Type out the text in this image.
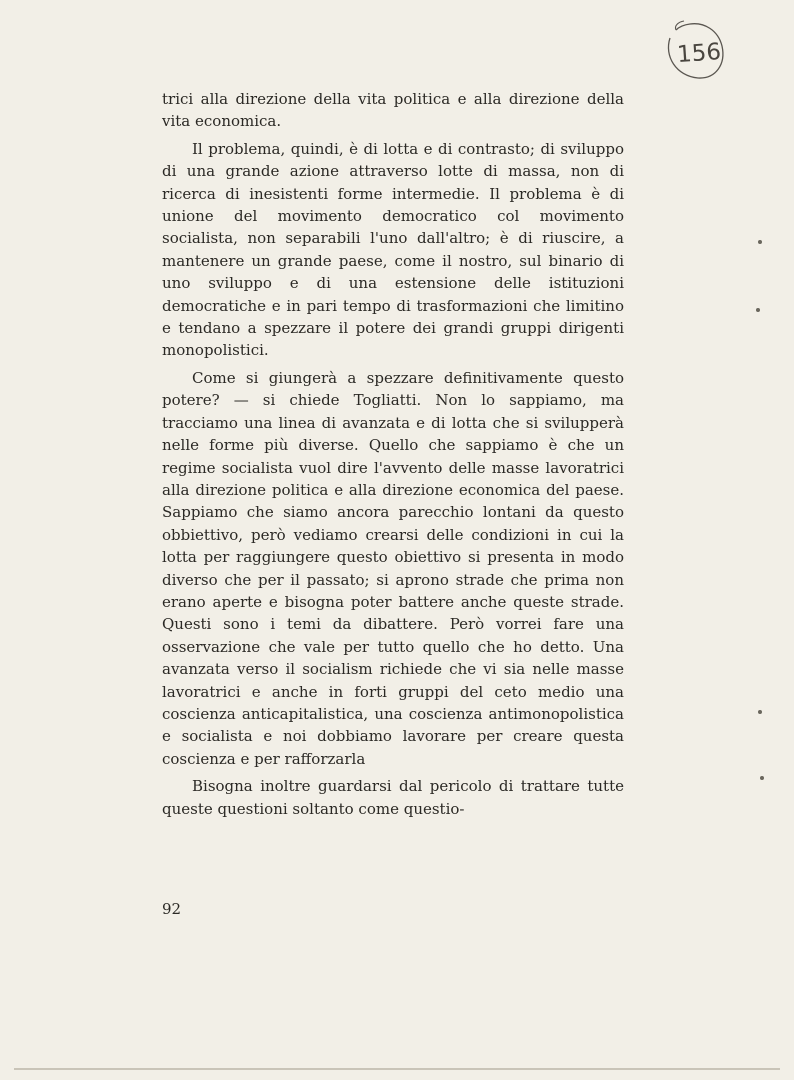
156

trici alla direzione della vita politica e alla direzione della vita economica.

Il problema, quindi, è di lotta e di contrasto; di sviluppo di una grande azione attraverso lotte di massa, non di ricerca di inesistenti forme intermedie. Il problema è di unione del movimento democratico col movimento socialista, non separabili l'uno dall'altro; è di riuscire, a mantenere un grande paese, come il nostro, sul binario di uno sviluppo e di una estensione delle istituzioni democratiche e in pari tempo di trasformazioni che limitino e tendano a spezzare il potere dei grandi gruppi dirigenti monopolistici.

Come si giungerà a spezzare definitivamente questo potere? — si chiede Togliatti. Non lo sappiamo, ma tracciamo una linea di avanzata e di lotta che si svilupperà nelle forme più diverse. Quello che sappiamo è che un regime socialista vuol dire l'avvento delle masse lavoratrici alla direzione politica e alla direzione economica del paese. Sappiamo che siamo ancora parecchio lontani da questo obbiettivo, però vediamo crearsi delle condizioni in cui la lotta per raggiungere questo obiettivo si presenta in modo diverso che per il passato; si aprono strade che prima non erano aperte e bisogna poter battere anche queste strade. Questi sono i temi da dibattere. Però vorrei fare una osservazione che vale per tutto quello che ho detto. Una avanzata verso il socialism richiede che vi sia nelle masse lavoratrici e anche in forti gruppi del ceto medio una coscienza anticapitalistica, una coscienza antimonopolistica e socialista e noi dobbiamo lavorare per creare questa coscienza e per rafforzarla

Bisogna inoltre guardarsi dal pericolo di trattare tutte queste questioni soltanto come questio-

92
